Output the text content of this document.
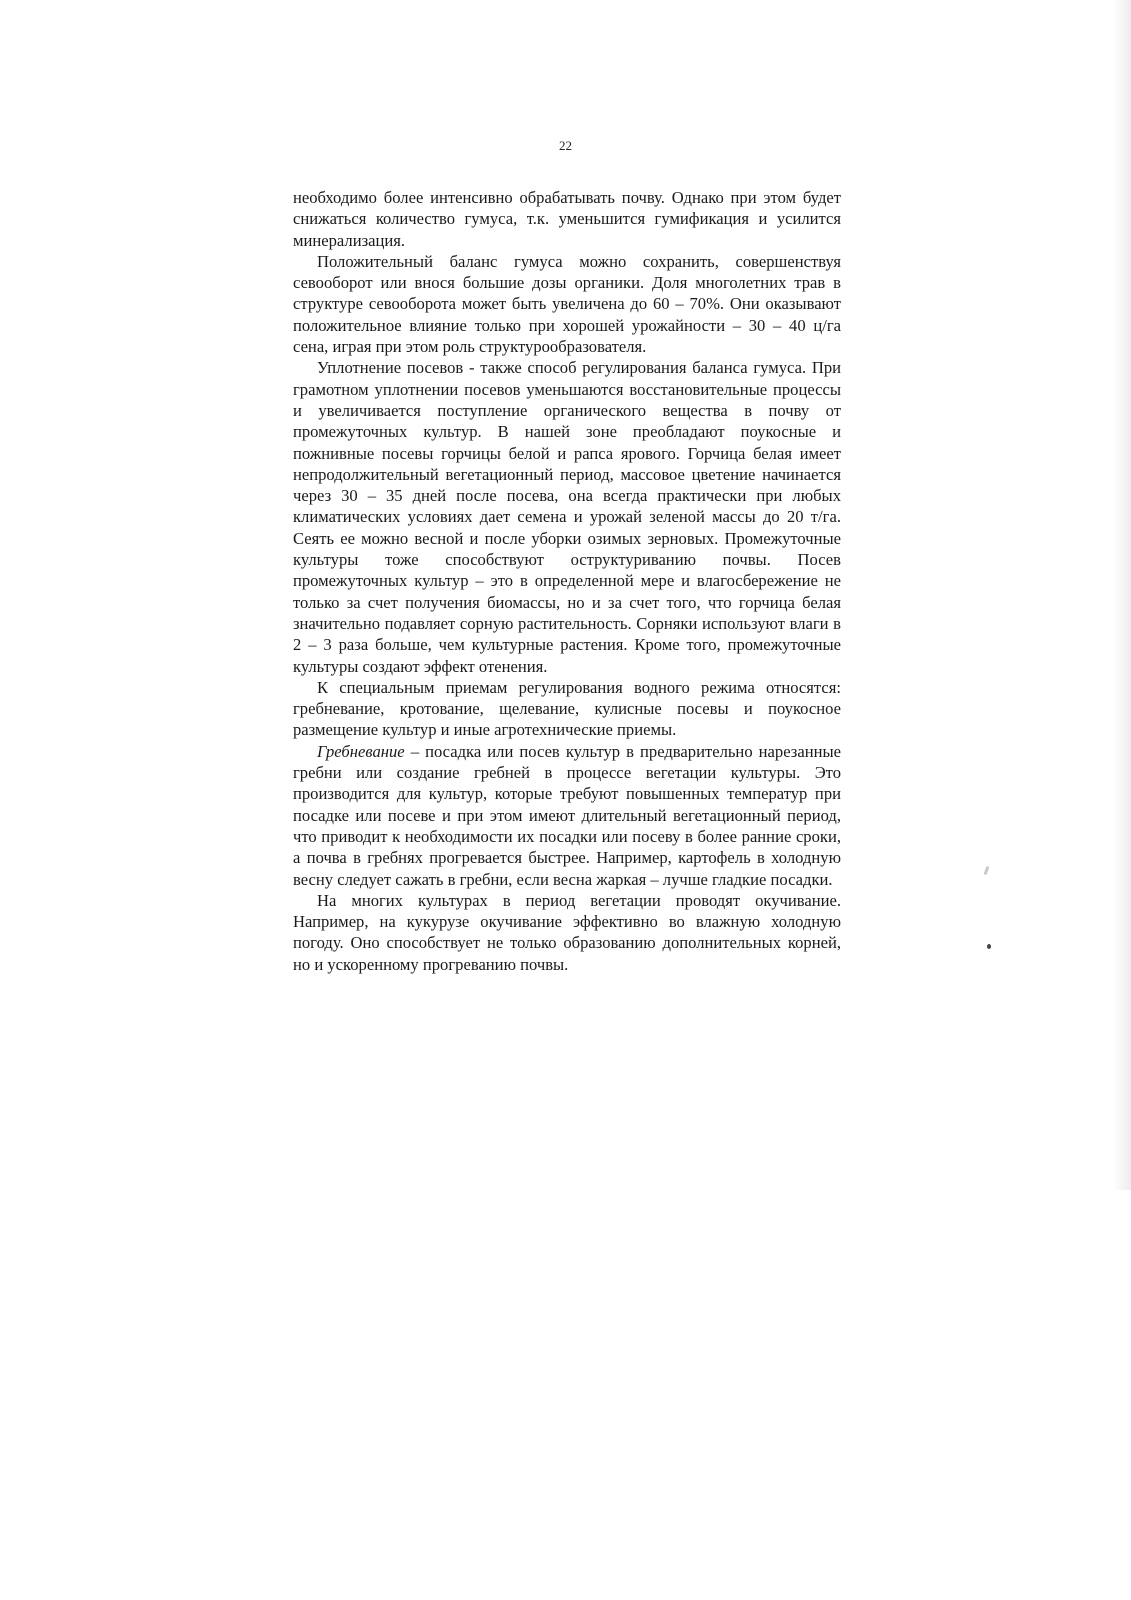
22

необходимо более интенсивно обрабатывать почву. Однако при этом будет снижаться количество гумуса, т.к. уменьшится гумификация и усилится минерализация.

Положительный баланс гумуса можно сохранить, совершенствуя севооборот или внося большие дозы органики. Доля многолетних трав в структуре севооборота может быть увеличена до 60 – 70%. Они оказывают положительное влияние только при хорошей урожайности – 30 – 40 ц/га сена, играя при этом роль структурообразователя.

Уплотнение посевов - также способ регулирования баланса гумуса. При грамотном уплотнении посевов уменьшаются восстановительные процессы и увеличивается поступление органического вещества в почву от промежуточных культур. В нашей зоне преобладают поукосные и пожнивные посевы горчицы белой и рапса ярового. Горчица белая имеет непродолжительный вегетационный период, массовое цветение начинается через 30 – 35 дней после посева, она всегда практически при любых климатических условиях дает семена и урожай зеленой массы до 20 т/га. Сеять ее можно весной и после уборки озимых зерновых. Промежуточные культуры тоже способствуют оструктуриванию почвы. Посев промежуточных культур – это в определенной мере и влагосбережение не только за счет получения биомассы, но и за счет того, что горчица белая значительно подавляет сорную растительность. Сорняки используют влаги в 2 – 3 раза больше, чем культурные растения. Кроме того, промежуточные культуры создают эффект отенения.

К специальным приемам регулирования водного режима относятся: гребневание, кротование, щелевание, кулисные посевы и поукосное размещение культур и иные агротехнические приемы.

Гребневание – посадка или посев культур в предварительно нарезанные гребни или создание гребней в процессе вегетации культуры. Это производится для культур, которые требуют повышенных температур при посадке или посеве и при этом имеют длительный вегетационный период, что приводит к необходимости их посадки или посеву в более ранние сроки, а почва в гребнях прогревается быстрее. Например, картофель в холодную весну следует сажать в гребни, если весна жаркая – лучше гладкие посадки.

На многих культурах в период вегетации проводят окучивание. Например, на кукурузе окучивание эффективно во влажную холодную погоду. Оно способствует не только образованию дополнительных корней, но и ускоренному прогреванию почвы.
